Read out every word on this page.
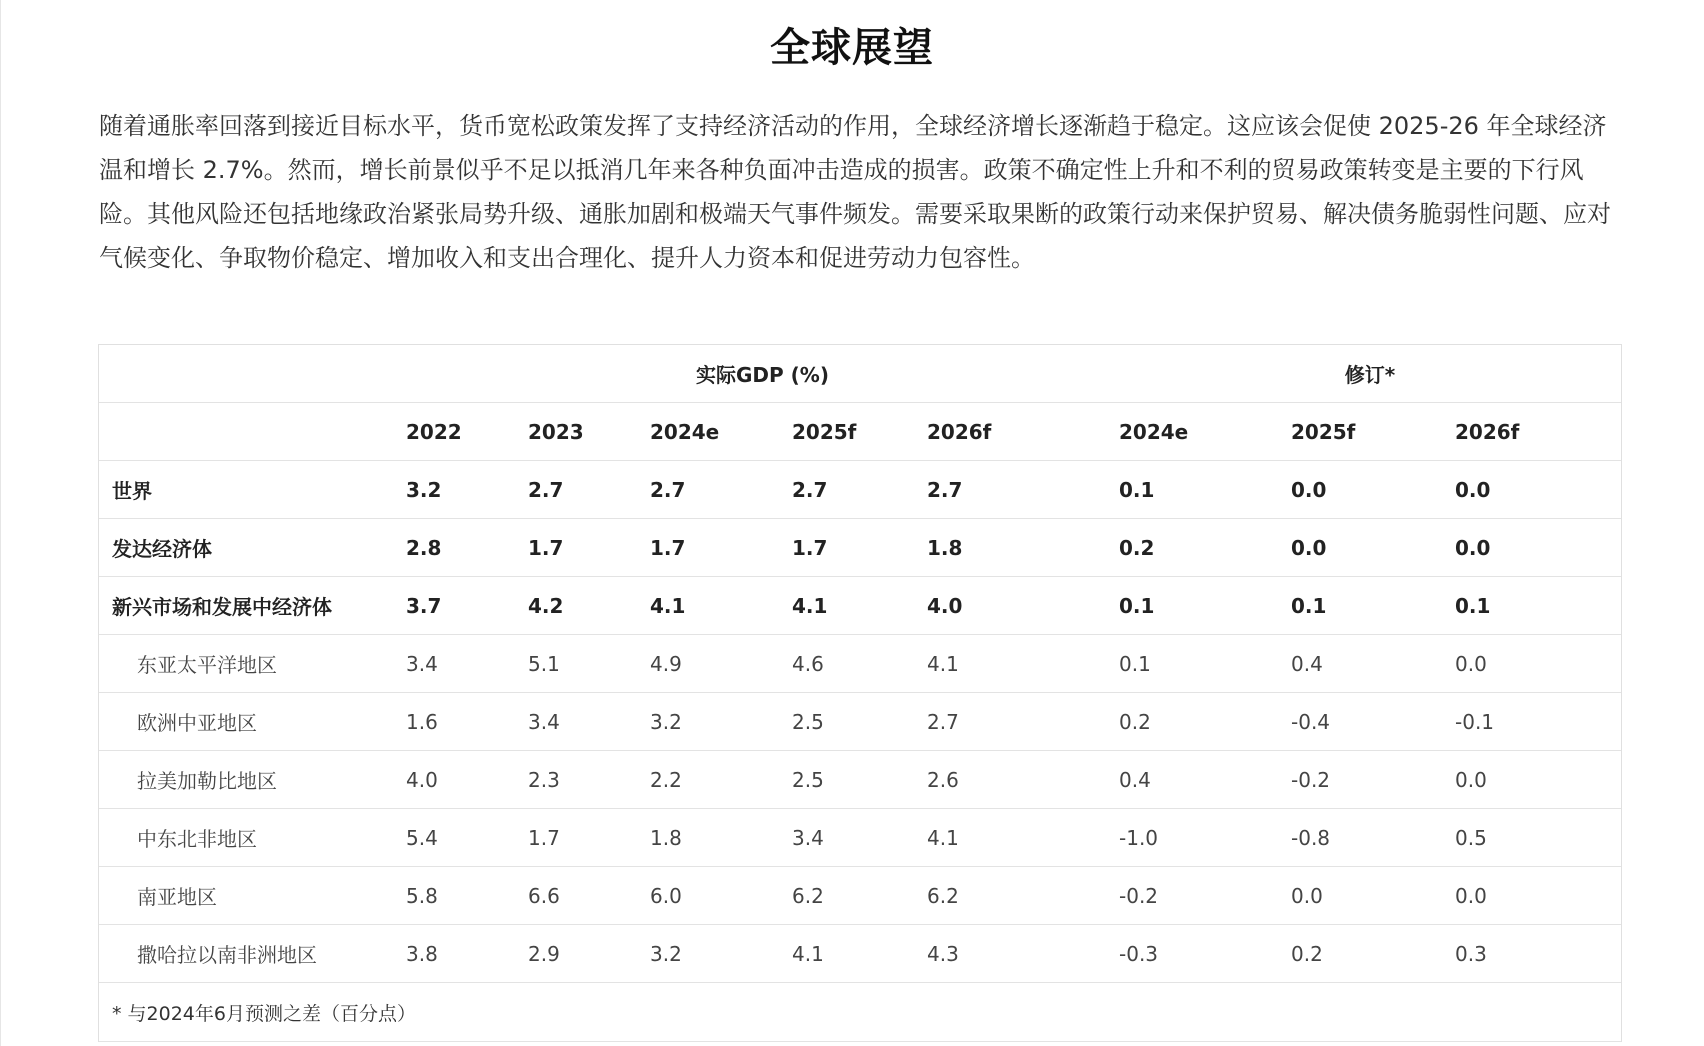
全球展望

随着通胀率回落到接近目标水平，货币宽松政策发挥了支持经济活动的作用，全球经济增长逐渐趋于稳定。这应该会促使 2025-26 年全球经济温和增长 2.7%。然而，增长前景似乎不足以抵消几年来各种负面冲击造成的损害。政策不确定性上升和不利的贸易政策转变是主要的下行风险。其他风险还包括地缘政治紧张局势升级、通胀加剧和极端天气事件频发。需要采取果断的政策行动来保护贸易、解决债务脆弱性问题、应对气候变化、争取物价稳定、增加收入和支出合理化、提升人力资本和促进劳动力包容性。

	实际GDP (%)					修订*		
	2022	2023	2024e	2025f	2026f	2024e	2025f	2026f
世界	3.2	2.7	2.7	2.7	2.7	0.1	0.0	0.0
发达经济体	2.8	1.7	1.7	1.7	1.8	0.2	0.0	0.0
新兴市场和发展中经济体	3.7	4.2	4.1	4.1	4.0	0.1	0.1	0.1
东亚太平洋地区	3.4	5.1	4.9	4.6	4.1	0.1	0.4	0.0
欧洲中亚地区	1.6	3.4	3.2	2.5	2.7	0.2	-0.4	-0.1
拉美加勒比地区	4.0	2.3	2.2	2.5	2.6	0.4	-0.2	0.0
中东北非地区	5.4	1.7	1.8	3.4	4.1	-1.0	-0.8	0.5
南亚地区	5.8	6.6	6.0	6.2	6.2	-0.2	0.0	0.0
撒哈拉以南非洲地区	3.8	2.9	3.2	4.1	4.3	-0.3	0.2	0.3
* 与2024年6月预测之差（百分点）								
